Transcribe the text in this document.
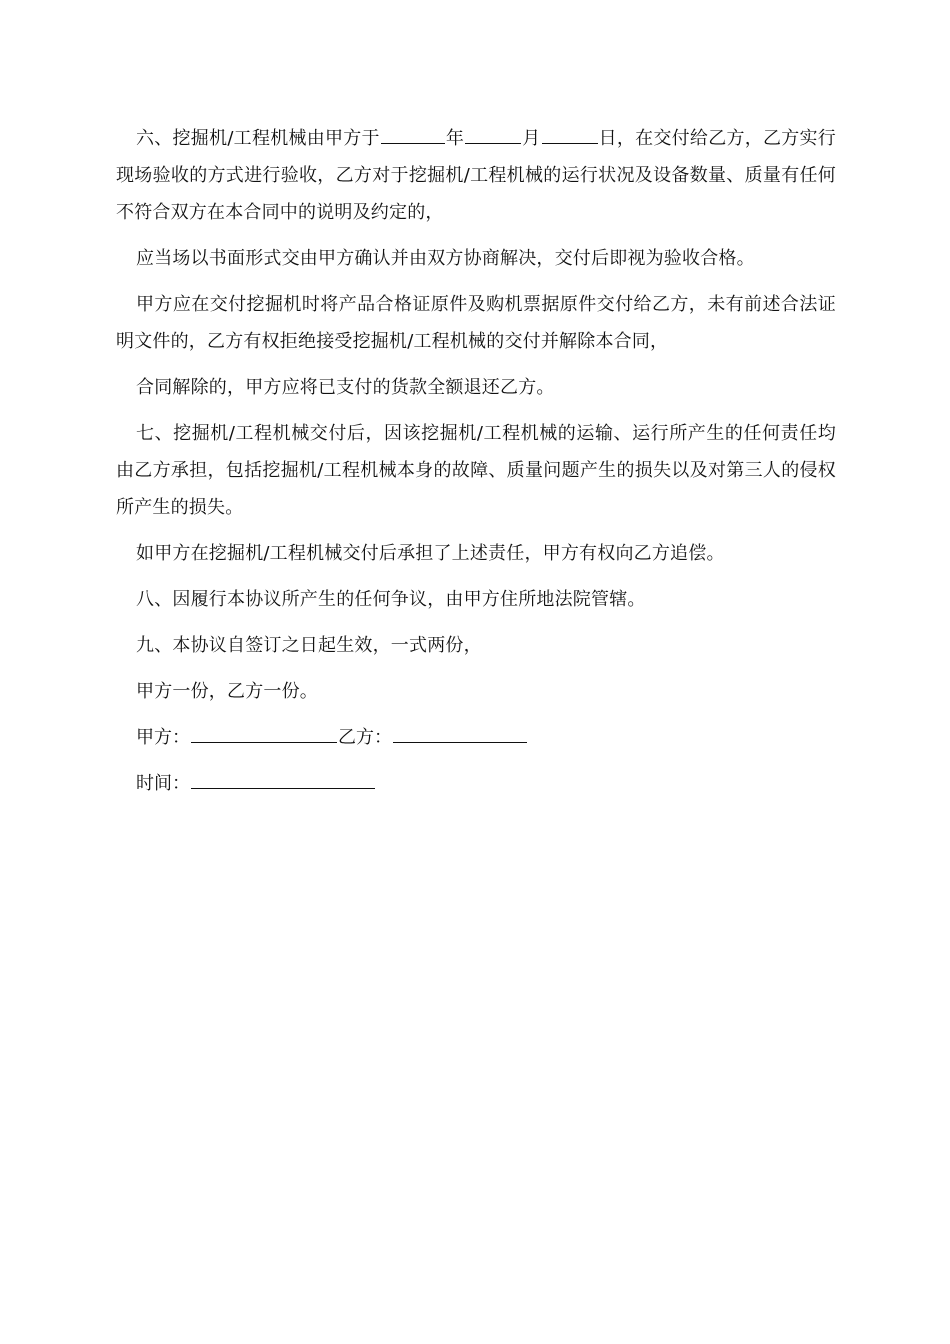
六、挖掘机/工程机械由甲方于	年	月	日，在交付给乙方，乙方实行现场验收的方式进行验收，乙方对于挖掘机/工程机械的运行状况及设备数量、质量有任何不符合双方在本合同中的说明及约定的，

应当场以书面形式交由甲方确认并由双方协商解决，交付后即视为验收合格。

甲方应在交付挖掘机时将产品合格证原件及购机票据原件交付给乙方，未有前述合法证明文件的，乙方有权拒绝接受挖掘机/工程机械的交付并解除本合同，

合同解除的，甲方应将已支付的货款全额退还乙方。

七、挖掘机/工程机械交付后，因该挖掘机/工程机械的运输、运行所产生的任何责任均由乙方承担，包括挖掘机/工程机械本身的故障、质量问题产生的损失以及对第三人的侵权所产生的损失。

如甲方在挖掘机/工程机械交付后承担了上述责任，甲方有权向乙方追偿。

八、因履行本协议所产生的任何争议，由甲方住所地法院管辖。

九、本协议自签订之日起生效，一式两份，

甲方一份，乙方一份。

甲方：	乙方：
时间：
